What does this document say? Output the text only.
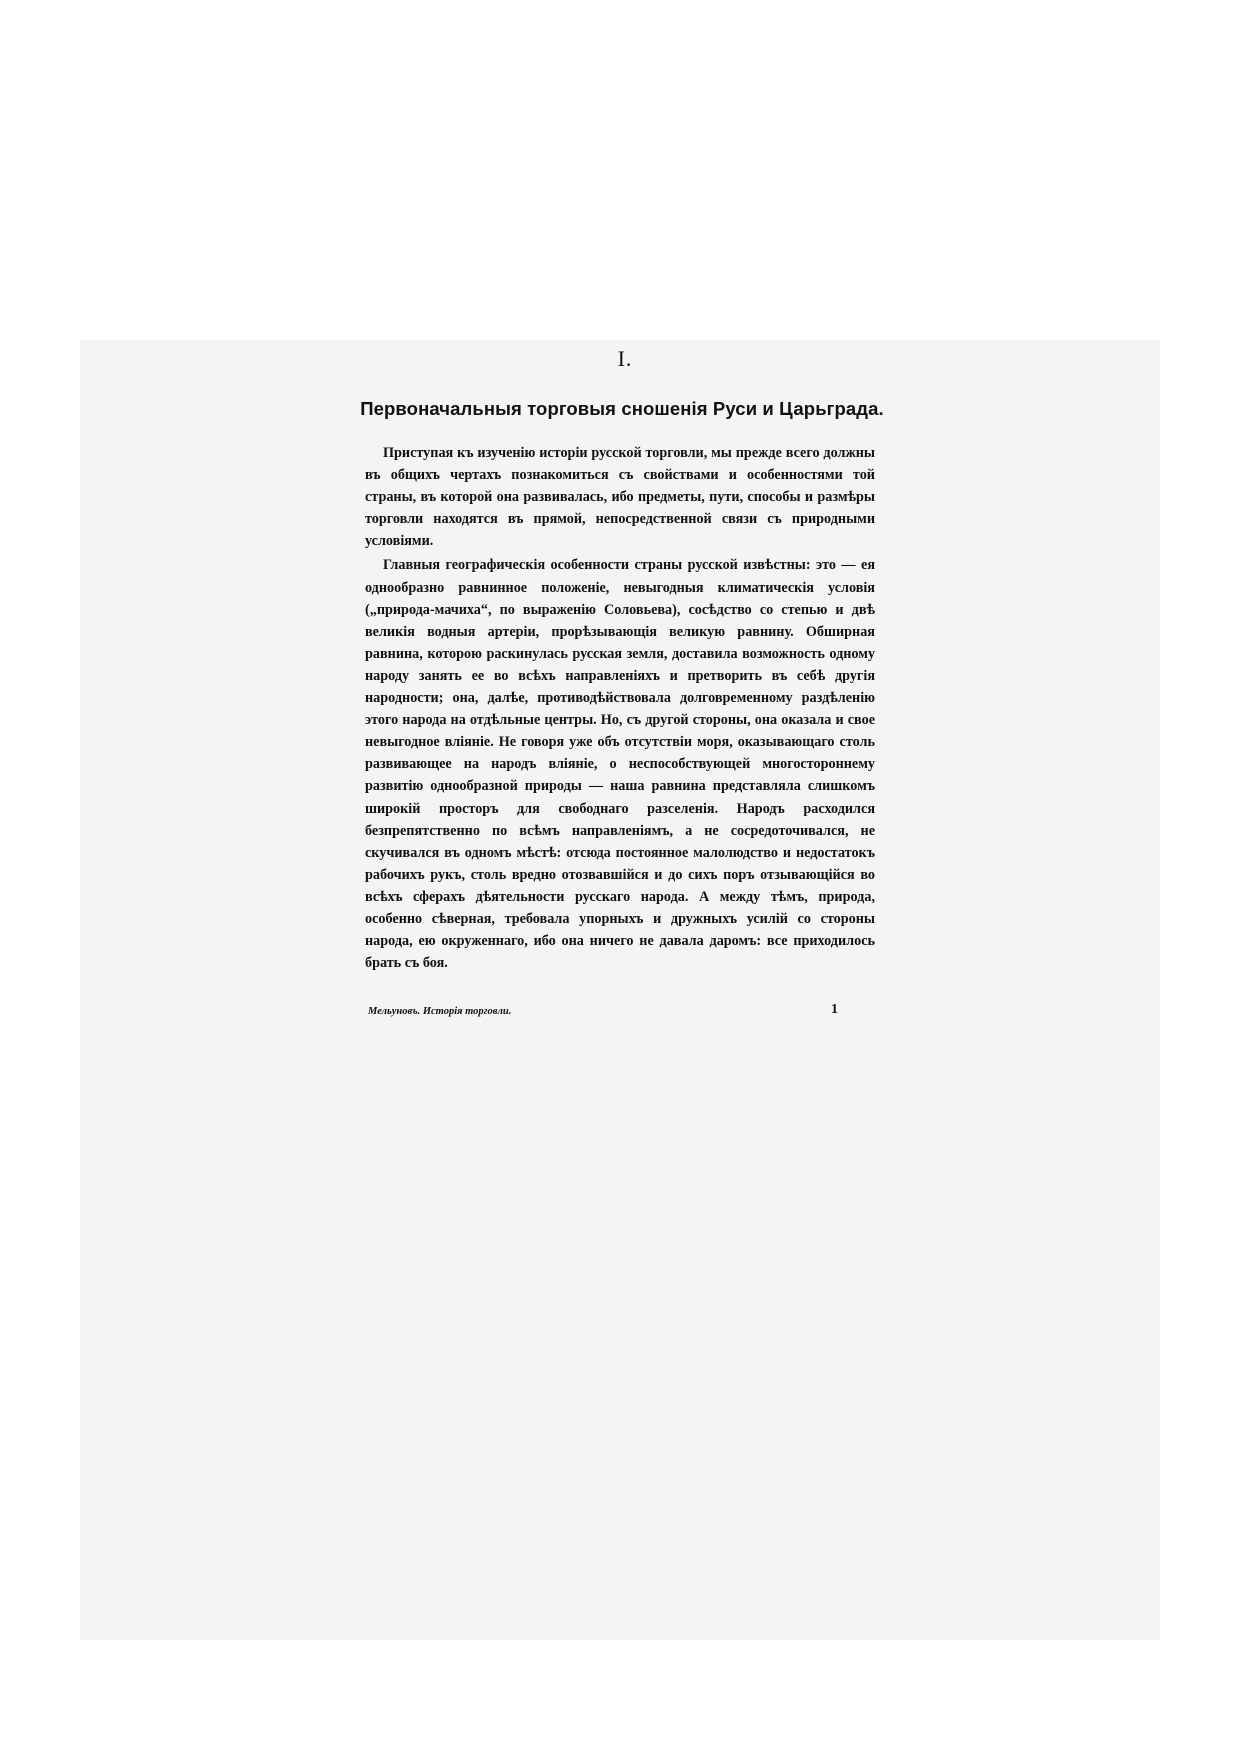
I.
Первоначальныя торговыя сношенія Руси и Царьграда.

Приступая къ изученію исторіи русской торговли, мы прежде всего должны въ общихъ чертахъ познакомиться съ свойствами и особенностями той страны, въ которой она развивалась, ибо предметы, пути, способы и размѣры торговли находятся въ прямой, непосредственной связи съ природными условіями.

Главныя географическія особенности страны русской извѣстны: это — ея однообразно равнинное положеніе, невыгодныя климатическія условія („природа-мачиха“, по выраженію Соловьева), сосѣдство со степью и двѣ великія водныя артеріи, прорѣзывающія великую равнину. Обширная равнина, которою раскинулась русская земля, доставила возможность одному народу занять ее во всѣхъ направленіяхъ и претворить въ себѣ другія народности; она, далѣе, противодѣйствовала долговременному раздѣленію этого народа на отдѣльные центры. Но, съ другой стороны, она оказала и свое невыгодное вліяніе. Не говоря уже объ отсутствіи моря, оказывающаго столь развивающее на народъ вліяніе, о неспособствующей многостороннему развитію однообразной природы — наша равнина представляла слишкомъ широкій просторъ для свободнаго разселенія. Народъ расходился безпрепятственно по всѣмъ направленіямъ, а не сосредоточивался, не скучивался въ одномъ мѣстѣ: отсюда постоянное малолюдство и недостатокъ рабочихъ рукъ, столь вредно отозвавшійся и до сихъ поръ отзывающійся во всѣхъ сферахъ дѣятельности русскаго народа. А между тѣмъ, природа, особенно сѣверная, требовала упорныхъ и дружныхъ усилій со стороны народа, ею окруженнаго, ибо она ничего не давала даромъ: все приходилось брать съ боя.

Мельуновъ. Исторія торговли.	1
